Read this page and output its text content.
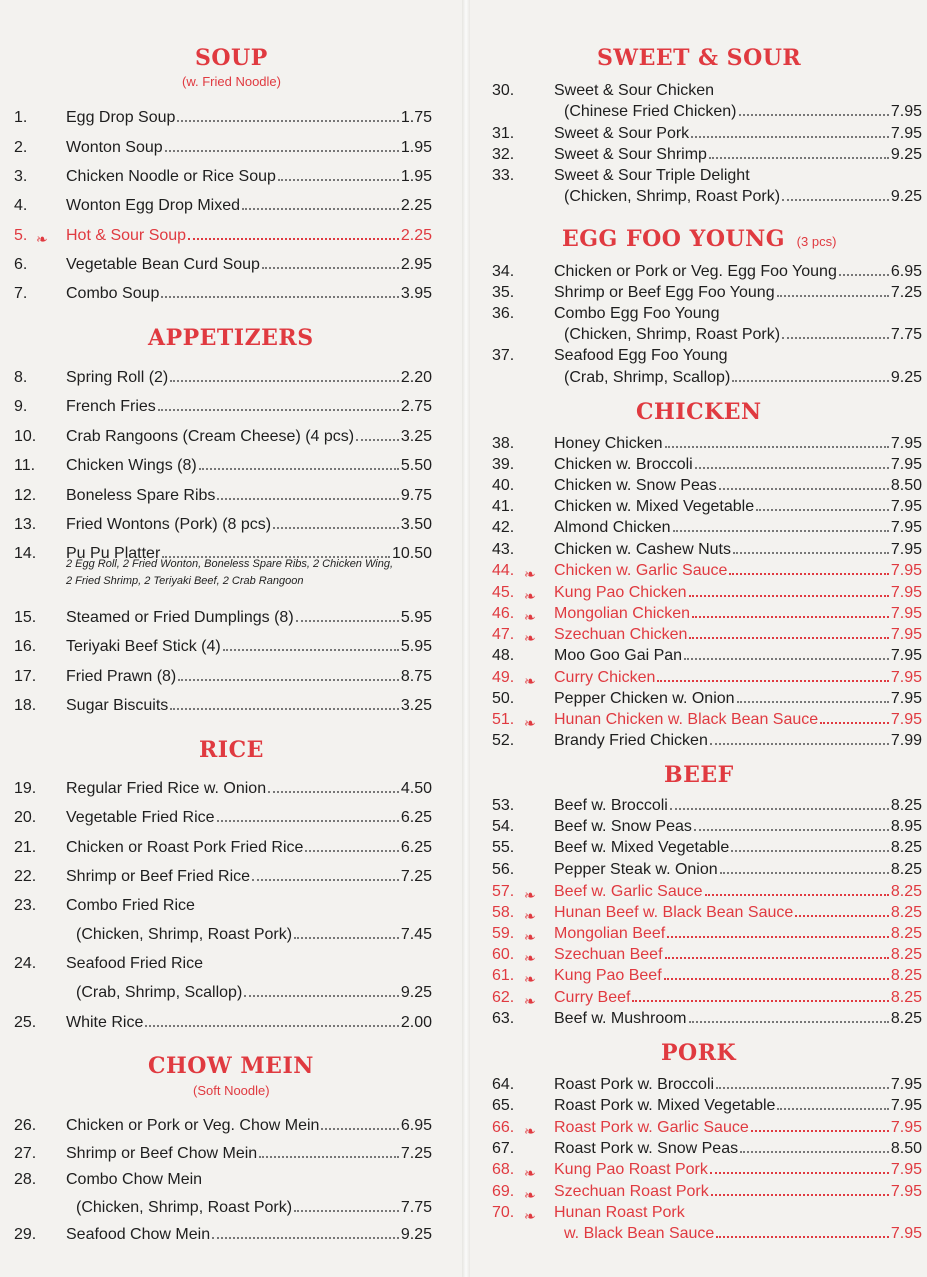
SOUP
(w. Fried Noodle)
1. Egg Drop Soup	1.75
2. Wonton Soup	1.95
3. Chicken Noodle or Rice Soup	1.95
4. Wonton Egg Drop Mixed	2.25
5. ❧ Hot & Sour Soup	2.25
6. Vegetable Bean Curd Soup	2.95
7. Combo Soup	3.95
APPETIZERS
8. Spring Roll (2)	2.20
9. French Fries	2.75
10. Crab Rangoons (Cream Cheese) (4 pcs)	3.25
11. Chicken Wings (8)	5.50
12. Boneless Spare Ribs	9.75
13. Fried Wontons (Pork) (8 pcs)	3.50
14. Pu Pu Platter	10.50
2 Egg Roll, 2 Fried Wonton, Boneless Spare Ribs, 2 Chicken Wing,
2 Fried Shrimp, 2 Teriyaki Beef, 2 Crab Rangoon
15. Steamed or Fried Dumplings (8)	5.95
16. Teriyaki Beef Stick (4)	5.95
17. Fried Prawn (8)	8.75
18. Sugar Biscuits	3.25
RICE
19. Regular Fried Rice w. Onion	4.50
20. Vegetable Fried Rice	6.25
21. Chicken or Roast Pork Fried Rice	6.25
22. Shrimp or Beef Fried Rice	7.25
23. Combo Fried Rice
(Chicken, Shrimp, Roast Pork)	7.45
24. Seafood Fried Rice
(Crab, Shrimp, Scallop)	9.25
25. White Rice	2.00
CHOW MEIN
(Soft Noodle)
26. Chicken or Pork or Veg. Chow Mein	6.95
27. Shrimp or Beef Chow Mein	7.25
28. Combo Chow Mein
(Chicken, Shrimp, Roast Pork)	7.75
29. Seafood Chow Mein	9.25
SWEET & SOUR
30. Sweet & Sour Chicken
(Chinese Fried Chicken)	7.95
31. Sweet & Sour Pork	7.95
32. Sweet & Sour Shrimp	9.25
33. Sweet & Sour Triple Delight
(Chicken, Shrimp, Roast Pork)	9.25
EGG FOO YOUNG (3 pcs)
34. Chicken or Pork or Veg. Egg Foo Young	6.95
35. Shrimp or Beef Egg Foo Young	7.25
36. Combo Egg Foo Young
(Chicken, Shrimp, Roast Pork)	7.75
37. Seafood Egg Foo Young
(Crab, Shrimp, Scallop)	9.25
CHICKEN
38. Honey Chicken	7.95
39. Chicken w. Broccoli	7.95
40. Chicken w. Snow Peas	8.50
41. Chicken w. Mixed Vegetable	7.95
42. Almond Chicken	7.95
43. Chicken w. Cashew Nuts	7.95
44. ❧ Chicken w. Garlic Sauce	7.95
45. ❧ Kung Pao Chicken	7.95
46. ❧ Mongolian Chicken	7.95
47. ❧ Szechuan Chicken	7.95
48. Moo Goo Gai Pan	7.95
49. ❧ Curry Chicken	7.95
50. Pepper Chicken w. Onion	7.95
51. ❧ Hunan Chicken w. Black Bean Sauce	7.95
52. Brandy Fried Chicken	7.99
BEEF
53. Beef w. Broccoli	8.25
54. Beef w. Snow Peas	8.95
55. Beef w. Mixed Vegetable	8.25
56. Pepper Steak w. Onion	8.25
57. ❧ Beef w. Garlic Sauce	8.25
58. ❧ Hunan Beef w. Black Bean Sauce	8.25
59. ❧ Mongolian Beef	8.25
60. ❧ Szechuan Beef	8.25
61. ❧ Kung Pao Beef	8.25
62. ❧ Curry Beef	8.25
63. Beef w. Mushroom	8.25
PORK
64. Roast Pork w. Broccoli	7.95
65. Roast Pork w. Mixed Vegetable	7.95
66. ❧ Roast Pork w. Garlic Sauce	7.95
67. Roast Pork w. Snow Peas	8.50
68. ❧ Kung Pao Roast Pork	7.95
69. ❧ Szechuan Roast Pork	7.95
70. ❧ Hunan Roast Pork
w. Black Bean Sauce	7.95
